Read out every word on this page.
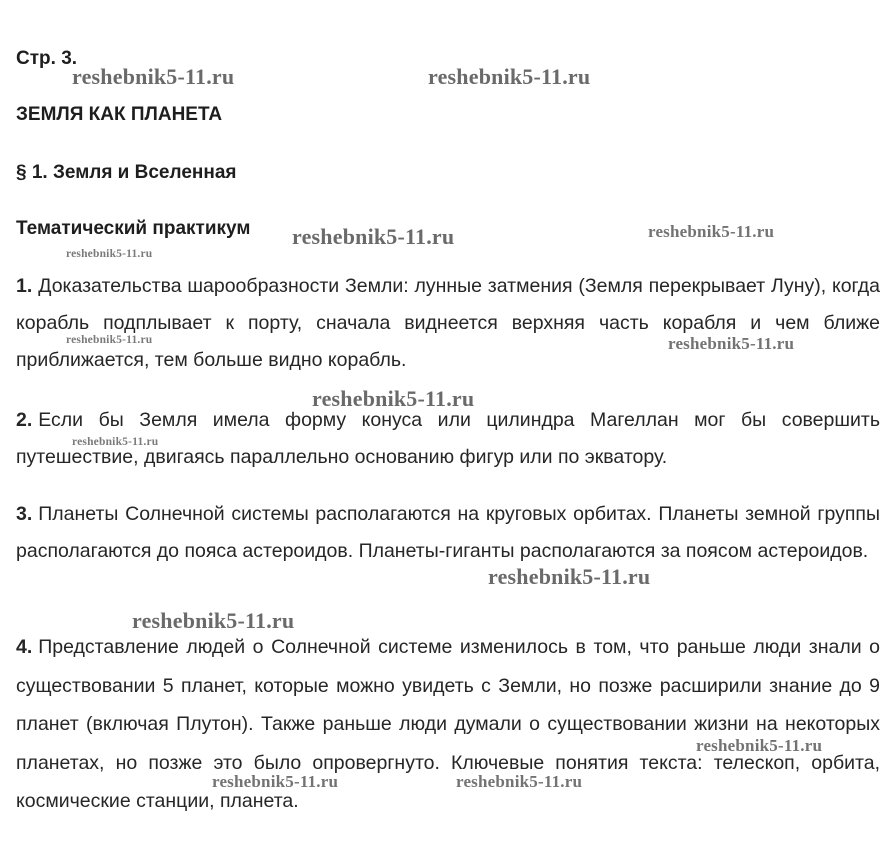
Стр. 3.
ЗЕМЛЯ КАК ПЛАНЕТА
§ 1. Земля и Вселенная
Тематический практикум
1. Доказательства шарообразности Земли: лунные затмения (Земля перекрывает Луну), когда корабль подплывает к порту, сначала виднеется верхняя часть корабля и чем ближе приближается, тем больше видно корабль.
2. Если бы Земля имела форму конуса или цилиндра Магеллан мог бы совершить путешествие, двигаясь параллельно основанию фигур или по экватору.
3. Планеты Солнечной системы располагаются на круговых орбитах. Планеты земной группы располагаются до пояса астероидов. Планеты-гиганты располагаются за поясом астероидов.
4. Представление людей о Солнечной системе изменилось в том, что раньше люди знали о существовании 5 планет, которые можно увидеть с Земли, но позже расширили знание до 9 планет (включая Плутон). Также раньше люди думали о существовании жизни на некоторых планетах, но позже это было опровергнуто. Ключевые понятия текста: телескоп, орбита, космические станции, планета.
reshebnik5-11.ru	reshebnik5-11.ru
reshebnik5-11.ru	reshebnik5-11.ru
reshebnik5-11.ru
reshebnik5-11.ru	reshebnik5-11.ru
reshebnik5-11.ru
reshebnik5-11.ru
reshebnik5-11.ru
reshebnik5-11.ru
reshebnik5-11.ru
reshebnik5-11.ru	reshebnik5-11.ru
